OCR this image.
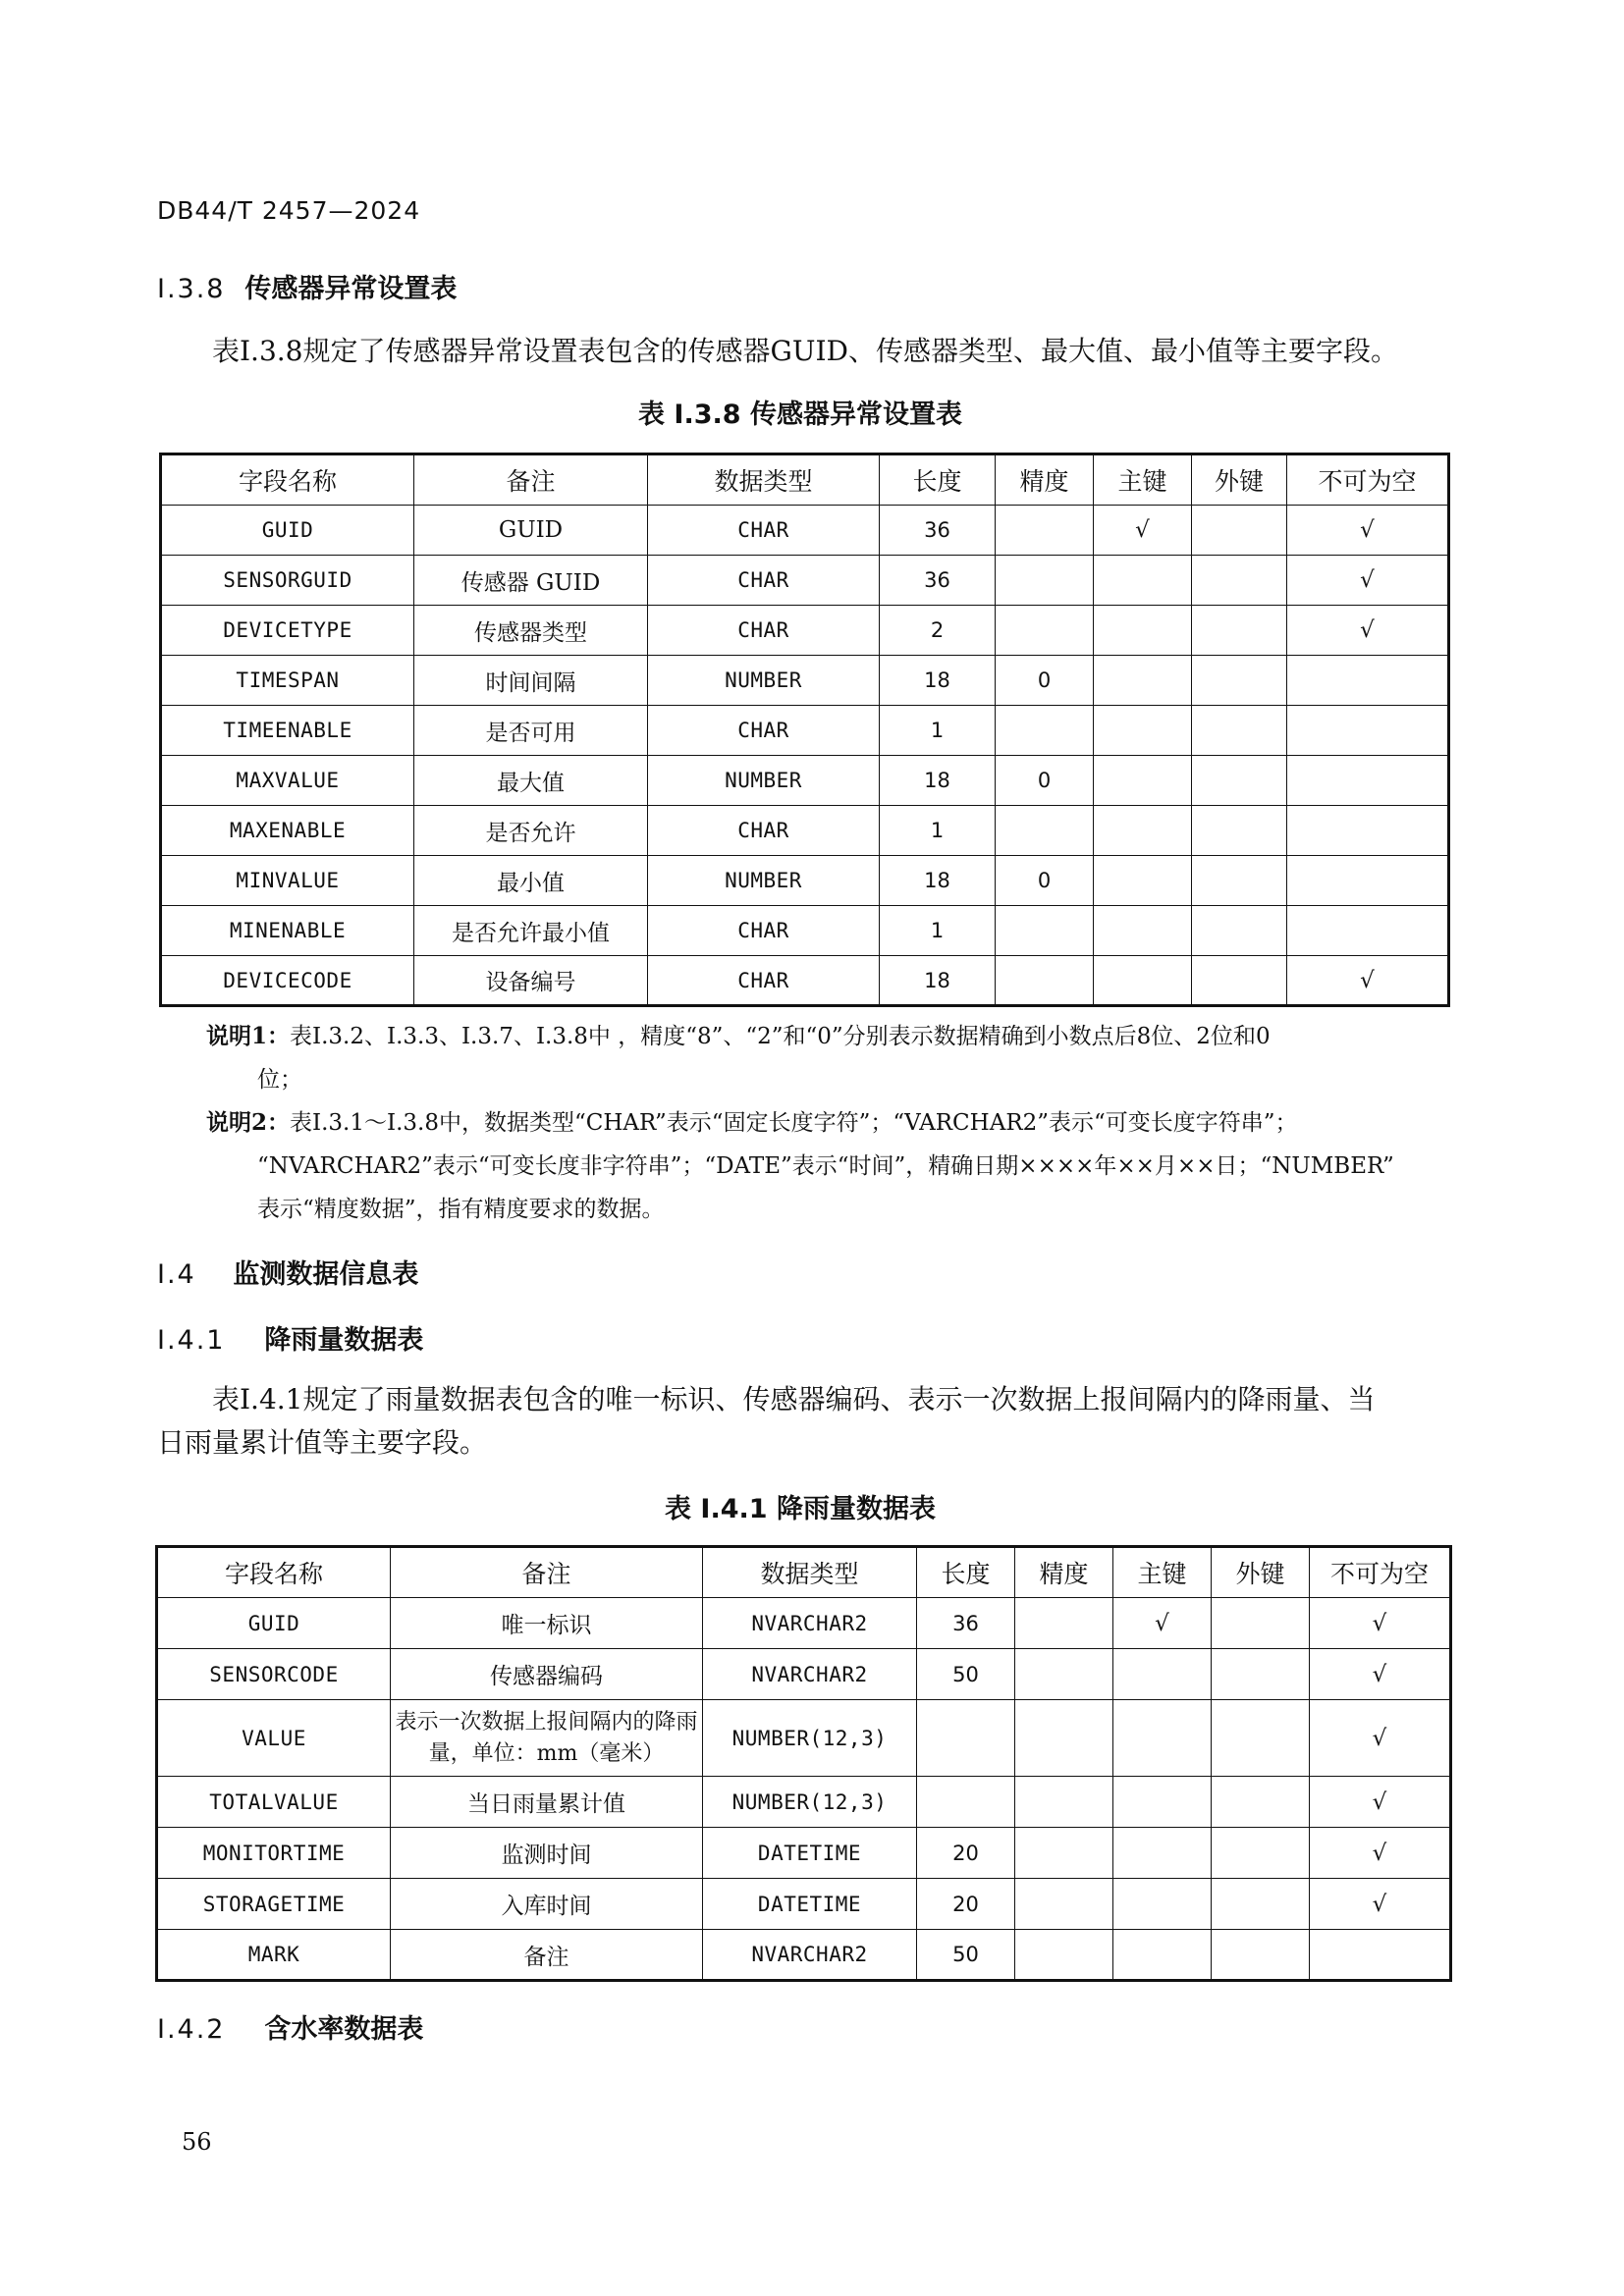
DB44/T 2457—2024
I.3.8 传感器异常设置表
表I.3.8规定了传感器异常设置表包含的传感器GUID、传感器类型、最大值、最小值等主要字段。
表 I.3.8 传感器异常设置表
字段名称	备注	数据类型	长度	精度	主键	外键	不可为空
GUID	GUID	CHAR	36		√		√
SENSORGUID	传感器 GUID	CHAR	36				√
DEVICETYPE	传感器类型	CHAR	2				√
TIMESPAN	时间间隔	NUMBER	18	0			
TIMEENABLE	是否可用	CHAR	1				
MAXVALUE	最大值	NUMBER	18	0			
MAXENABLE	是否允许	CHAR	1				
MINVALUE	最小值	NUMBER	18	0			
MINENABLE	是否允许最小值	CHAR	1				
DEVICECODE	设备编号	CHAR	18				√
说明1：表I.3.2、I.3.3、I.3.7、I.3.8中 ，精度“8”、“2”和“0”分别表示数据精确到小数点后8位、2位和0
位；
说明2：表I.3.1～I.3.8中，数据类型“CHAR”表示“固定长度字符”；“VARCHAR2”表示“可变长度字符串”；
“NVARCHAR2”表示“可变长度非字符串”；“DATE”表示“时间”，精确日期××××年××月××日；“NUMBER”
表示“精度数据”，指有精度要求的数据。
I.4 监测数据信息表
I.4.1 降雨量数据表
表I.4.1规定了雨量数据表包含的唯一标识、传感器编码、表示一次数据上报间隔内的降雨量、当
日雨量累计值等主要字段。
表 I.4.1 降雨量数据表
字段名称	备注	数据类型	长度	精度	主键	外键	不可为空
GUID	唯一标识	NVARCHAR2	36		√		√
SENSORCODE	传感器编码	NVARCHAR2	50				√
VALUE	表示一次数据上报间隔内的降雨量，单位：mm（毫米）	NUMBER(12,3)					√
TOTALVALUE	当日雨量累计值	NUMBER(12,3)					√
MONITORTIME	监测时间	DATETIME	20				√
STORAGETIME	入库时间	DATETIME	20				√
MARK	备注	NVARCHAR2	50				
I.4.2 含水率数据表
56
